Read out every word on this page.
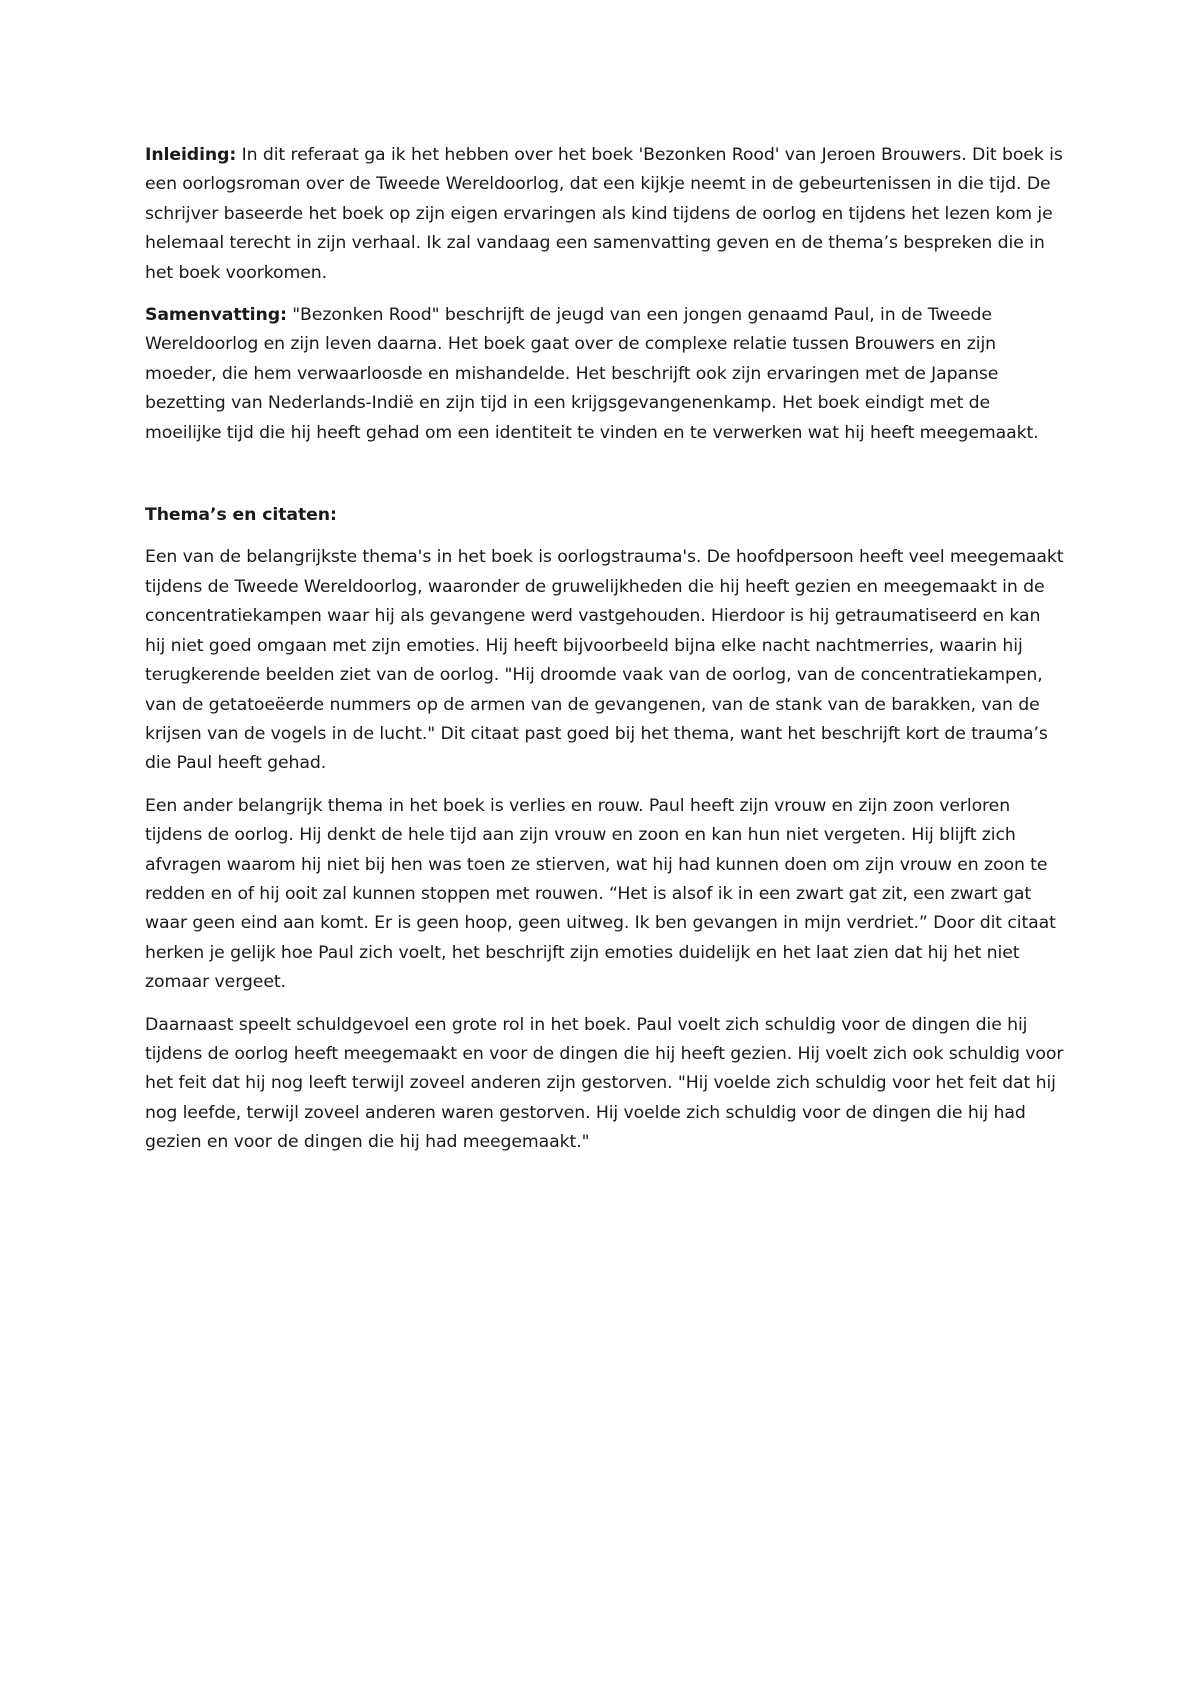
Inleiding: In dit referaat ga ik het hebben over het boek 'Bezonken Rood' van Jeroen Brouwers. Dit boek is een oorlogsroman over de Tweede Wereldoorlog, dat een kijkje neemt in de gebeurtenissen in die tijd. De schrijver baseerde het boek op zijn eigen ervaringen als kind tijdens de oorlog en tijdens het lezen kom je helemaal terecht in zijn verhaal. Ik zal vandaag een samenvatting geven en de thema’s bespreken die in het boek voorkomen.

Samenvatting: "Bezonken Rood" beschrijft de jeugd van een jongen genaamd Paul, in de Tweede Wereldoorlog en zijn leven daarna. Het boek gaat over de complexe relatie tussen Brouwers en zijn moeder, die hem verwaarloosde en mishandelde. Het beschrijft ook zijn ervaringen met de Japanse bezetting van Nederlands-Indië en zijn tijd in een krijgsgevangenenkamp. Het boek eindigt met de moeilijke tijd die hij heeft gehad om een identiteit te vinden en te verwerken wat hij heeft meegemaakt.

Thema’s en citaten:

Een van de belangrijkste thema's in het boek is oorlogstrauma's. De hoofdpersoon heeft veel meegemaakt tijdens de Tweede Wereldoorlog, waaronder de gruwelijkheden die hij heeft gezien en meegemaakt in de concentratiekampen waar hij als gevangene werd vastgehouden. Hierdoor is hij getraumatiseerd en kan hij niet goed omgaan met zijn emoties. Hij heeft bijvoorbeeld bijna elke nacht nachtmerries, waarin hij terugkerende beelden ziet van de oorlog. "Hij droomde vaak van de oorlog, van de concentratiekampen, van de getatoeëerde nummers op de armen van de gevangenen, van de stank van de barakken, van de krijsen van de vogels in de lucht." Dit citaat past goed bij het thema, want het beschrijft kort de trauma’s die Paul heeft gehad.

Een ander belangrijk thema in het boek is verlies en rouw. Paul heeft zijn vrouw en zijn zoon verloren tijdens de oorlog. Hij denkt de hele tijd aan zijn vrouw en zoon en kan hun niet vergeten. Hij blijft zich afvragen waarom hij niet bij hen was toen ze stierven, wat hij had kunnen doen om zijn vrouw en zoon te redden en of hij ooit zal kunnen stoppen met rouwen. “Het is alsof ik in een zwart gat zit, een zwart gat waar geen eind aan komt. Er is geen hoop, geen uitweg. Ik ben gevangen in mijn verdriet.” Door dit citaat herken je gelijk hoe Paul zich voelt, het beschrijft zijn emoties duidelijk en het laat zien dat hij het niet zomaar vergeet.

Daarnaast speelt schuldgevoel een grote rol in het boek. Paul voelt zich schuldig voor de dingen die hij tijdens de oorlog heeft meegemaakt en voor de dingen die hij heeft gezien. Hij voelt zich ook schuldig voor het feit dat hij nog leeft terwijl zoveel anderen zijn gestorven. "Hij voelde zich schuldig voor het feit dat hij nog leefde, terwijl zoveel anderen waren gestorven. Hij voelde zich schuldig voor de dingen die hij had gezien en voor de dingen die hij had meegemaakt."
